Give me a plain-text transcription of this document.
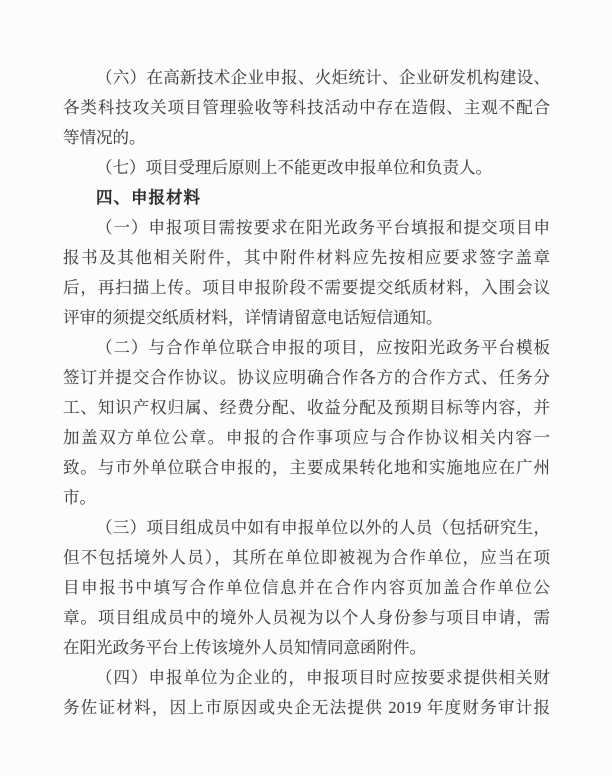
（六）在高新技术企业申报、火炬统计、企业研发机构建设、
各类科技攻关项目管理验收等科技活动中存在造假、主观不配合
等情况的。
（七）项目受理后原则上不能更改申报单位和负责人。
四、申报材料
（一）申报项目需按要求在阳光政务平台填报和提交项目申
报书及其他相关附件，其中附件材料应先按相应要求签字盖章
后，再扫描上传。项目申报阶段不需要提交纸质材料，入围会议
评审的须提交纸质材料，详情请留意电话短信通知。
（二）与合作单位联合申报的项目，应按阳光政务平台模板
签订并提交合作协议。协议应明确合作各方的合作方式、任务分
工、知识产权归属、经费分配、收益分配及预期目标等内容，并
加盖双方单位公章。申报的合作事项应与合作协议相关内容一
致。与市外单位联合申报的，主要成果转化地和实施地应在广州
市。
（三）项目组成员中如有申报单位以外的人员（包括研究生，
但不包括境外人员），其所在单位即被视为合作单位，应当在项
目申报书中填写合作单位信息并在合作内容页加盖合作单位公
章。项目组成员中的境外人员视为以个人身份参与项目申请，需
在阳光政务平台上传该境外人员知情同意函附件。
（四）申报单位为企业的，申报项目时应按要求提供相关财
务佐证材料，因上市原因或央企无法提供 2019 年度财务审计报
